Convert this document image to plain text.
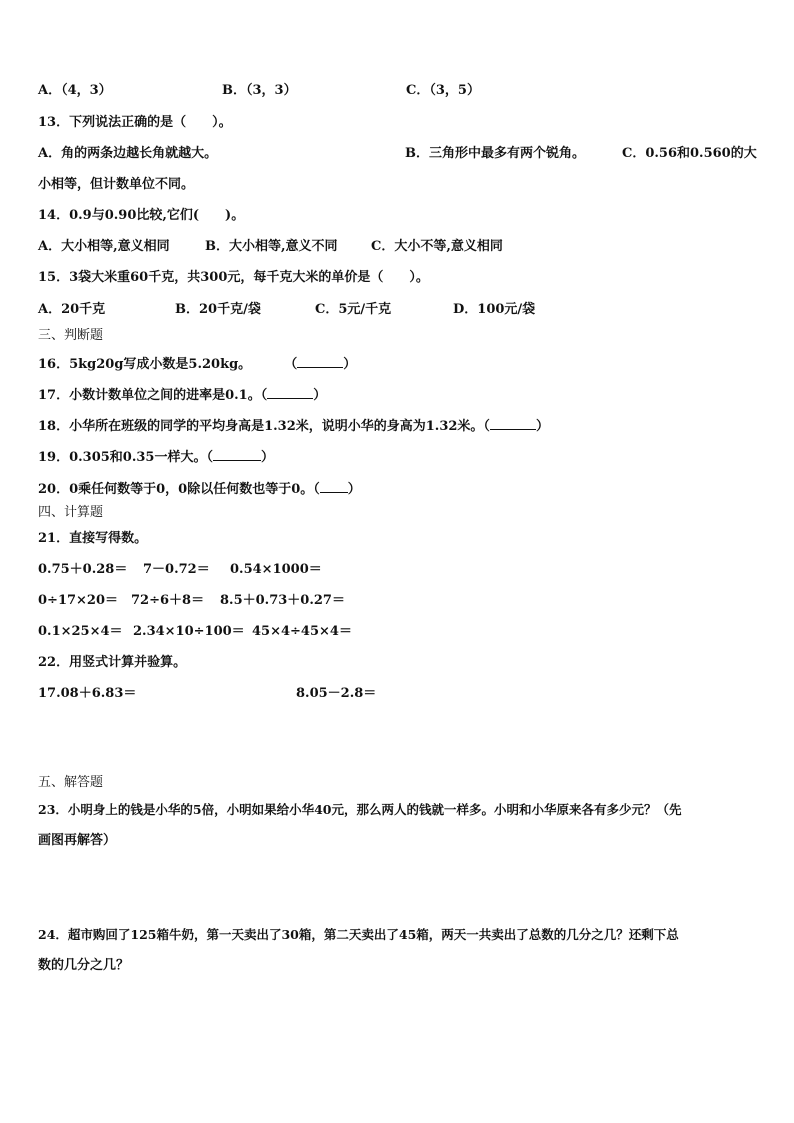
A．（4，3）	B．（3，3）	C．（3，5）
13．下列说法正确的是（　　）。
A．角的两条边越长角就越大。	B．三角形中最多有两个锐角。	C．0.56和0.560的大
小相等，但计数单位不同。
14．0.9与0.90比较,它们(　　)。
A．大小相等,意义相同	B．大小相等,意义不同	C．大小不等,意义相同
15．3袋大米重60千克，共300元，每千克大米的单价是（　　）。
A．20千克	B．20千克/袋	C．5元/千克	D．100元/袋
三、判断题
16．5kg20g写成小数是5.20kg。	（	）
17．小数计数单位之间的进率是0.1。（	）
18．小华所在班级的同学的平均身高是1.32米，说明小华的身高为1.32米。（	）
19．0.305和0.35一样大。（	）
20．0乘任何数等于0，0除以任何数也等于0。（ ）
四、计算题
21．直接写得数。
0.75＋0.28＝ 7－0.72＝ 0.54×1000＝
0÷17×20＝ 72÷6＋8＝ 8.5＋0.73＋0.27＝
0.1×25×4＝ 2.34×10÷100＝ 45×4÷45×4＝
22．用竖式计算并验算。
17.08＋6.83＝	8.05－2.8＝
五、解答题
23．小明身上的钱是小华的5倍，小明如果给小华40元，那么两人的钱就一样多。小明和小华原来各有多少元？（先
画图再解答）
24．超市购回了125箱牛奶，第一天卖出了30箱，第二天卖出了45箱，两天一共卖出了总数的几分之几？还剩下总
数的几分之几？
